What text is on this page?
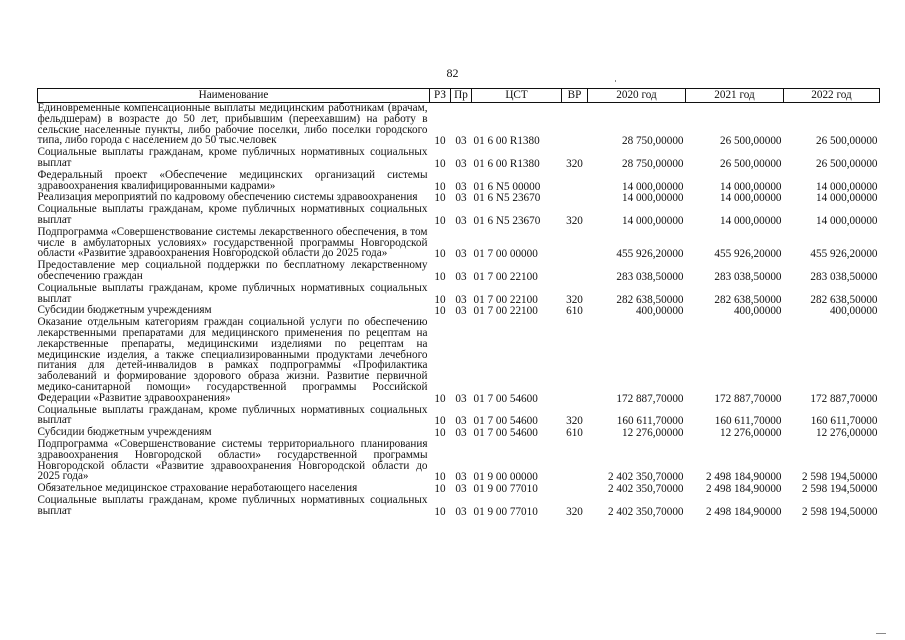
82
Наименование	РЗ	Пр	ЦСТ	ВР	2020 год	2021 год	2022 год
Единовременные компенсационные выплаты медицинским работникам (врачам, фельдшерам) в возрасте до 50 лет, прибывшим (переехавшим) на работу в сельские населенные пункты, либо рабочие поселки, либо поселки городского типа, либо города с населением до 50 тыс.человек	10	03	01 6 00 R1380		28 750,00000	26 500,00000	26 500,00000
Социальные выплаты гражданам, кроме публичных нормативных социальных выплат	10	03	01 6 00 R1380	320	28 750,00000	26 500,00000	26 500,00000
Федеральный проект «Обеспечение медицинских организаций системы здравоохранения квалифицированными кадрами»	10	03	01 6 N5 00000		14 000,00000	14 000,00000	14 000,00000
Реализация мероприятий по кадровому обеспечению системы здравоохранения	10	03	01 6 N5 23670		14 000,00000	14 000,00000	14 000,00000
Социальные выплаты гражданам, кроме публичных нормативных социальных выплат	10	03	01 6 N5 23670	320	14 000,00000	14 000,00000	14 000,00000
Подпрограмма «Совершенствование системы лекарственного обеспечения, в том числе в амбулаторных условиях» государственной программы Новгородской области «Развитие здравоохранения Новгородской области до 2025 года»	10	03	01 7 00 00000		455 926,20000	455 926,20000	455 926,20000
Предоставление мер социальной поддержки по бесплатному лекарственному обеспечению граждан	10	03	01 7 00 22100		283 038,50000	283 038,50000	283 038,50000
Социальные выплаты гражданам, кроме публичных нормативных социальных выплат	10	03	01 7 00 22100	320	282 638,50000	282 638,50000	282 638,50000
Субсидии бюджетным учреждениям	10	03	01 7 00 22100	610	400,00000	400,00000	400,00000
Оказание отдельным категориям граждан социальной услуги по обеспечению лекарственными препаратами для медицинского применения по рецептам на лекарственные препараты, медицинскими изделиями по рецептам на медицинские изделия, а также специализированными продуктами лечебного питания для детей-инвалидов в рамках подпрограммы «Профилактика заболеваний и формирование здорового образа жизни. Развитие первичной медико-санитарной помощи» государственной программы Российской Федерации «Развитие здравоохранения»	10	03	01 7 00 54600		172 887,70000	172 887,70000	172 887,70000
Социальные выплаты гражданам, кроме публичных нормативных социальных выплат	10	03	01 7 00 54600	320	160 611,70000	160 611,70000	160 611,70000
Субсидии бюджетным учреждениям	10	03	01 7 00 54600	610	12 276,00000	12 276,00000	12 276,00000
Подпрограмма «Совершенствование системы территориального планирования здравоохранения Новгородской области» государственной программы Новгородской области «Развитие здравоохранения Новгородской области до 2025 года»	10	03	01 9 00 00000		2 402 350,70000	2 498 184,90000	2 598 194,50000
Обязательное медицинское страхование неработающего населения	10	03	01 9 00 77010		2 402 350,70000	2 498 184,90000	2 598 194,50000
Социальные выплаты гражданам, кроме публичных нормативных социальных выплат	10	03	01 9 00 77010	320	2 402 350,70000	2 498 184,90000	2 598 194,50000
